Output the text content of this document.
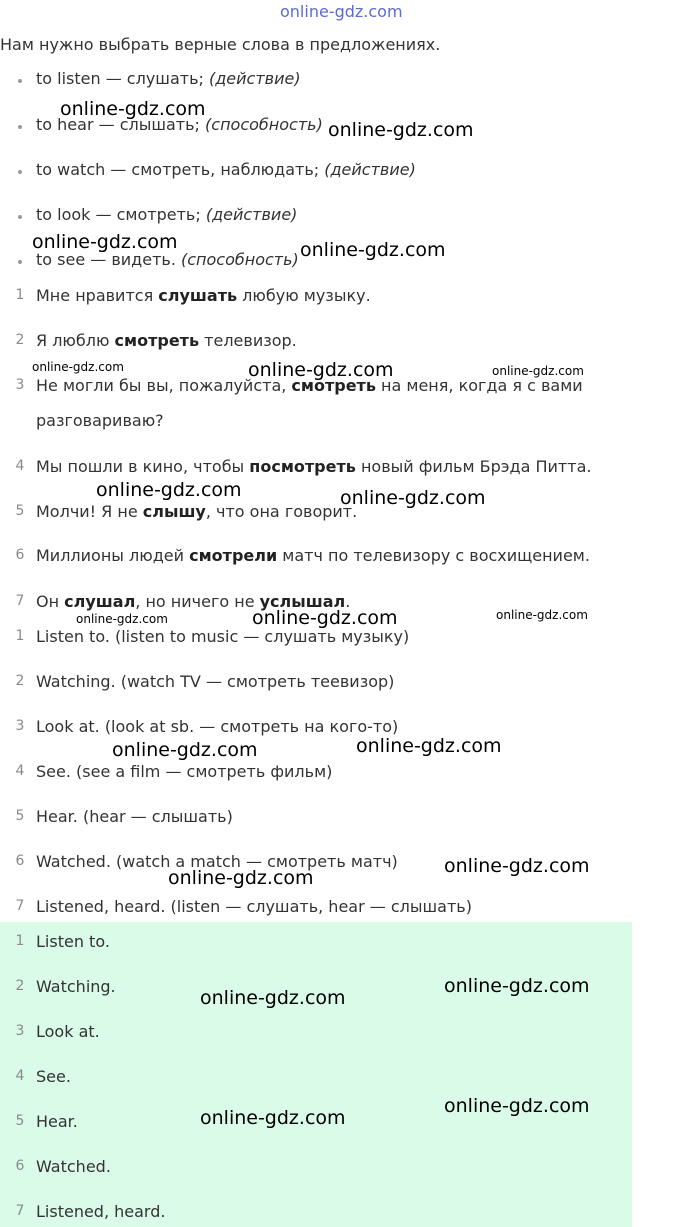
online-gdz.com
Нам нужно выбрать верные слова в предложениях.
to listen — слушать; (действие)
to hear — слышать; (способность)
to watch — смотреть, наблюдать; (действие)
to look — смотреть; (действие)
to see — видеть. (способность)
1 Мне нравится слушать любую музыку.
2 Я люблю смотреть телевизор.
3 Не могли бы вы, пожалуйста, смотреть на меня, когда я с вами
разговариваю?
4 Мы пошли в кино, чтобы посмотреть новый фильм Брэда Питта.
5 Молчи! Я не слышу, что она говорит.
6 Миллионы людей смотрели матч по телевизору с восхищением.
7 Он слушал, но ничего не услышал.
1 Listen to. (listen to music — слушать музыку)
2 Watching. (watch TV — смотреть теевизор)
3 Look at. (look at sb. — смотреть на кого-то)
4 See. (see a film — смотреть фильм)
5 Hear. (hear — слышать)
6 Watched. (watch a match — смотреть матч)
7 Listened, heard. (listen — слушать, hear — слышать)
1 Listen to.
2 Watching.
3 Look at.
4 See.
5 Hear.
6 Watched.
7 Listened, heard.
online-gdz.com
online-gdz.com
online-gdz.com	online-gdz.com
online-gdz.com	online-gdz.com	online-gdz.com
online-gdz.com	online-gdz.com
online-gdz.com	online-gdz.com	online-gdz.com
online-gdz.com	online-gdz.com
online-gdz.com
online-gdz.com
online-gdz.com
online-gdz.com
online-gdz.com
online-gdz.com
